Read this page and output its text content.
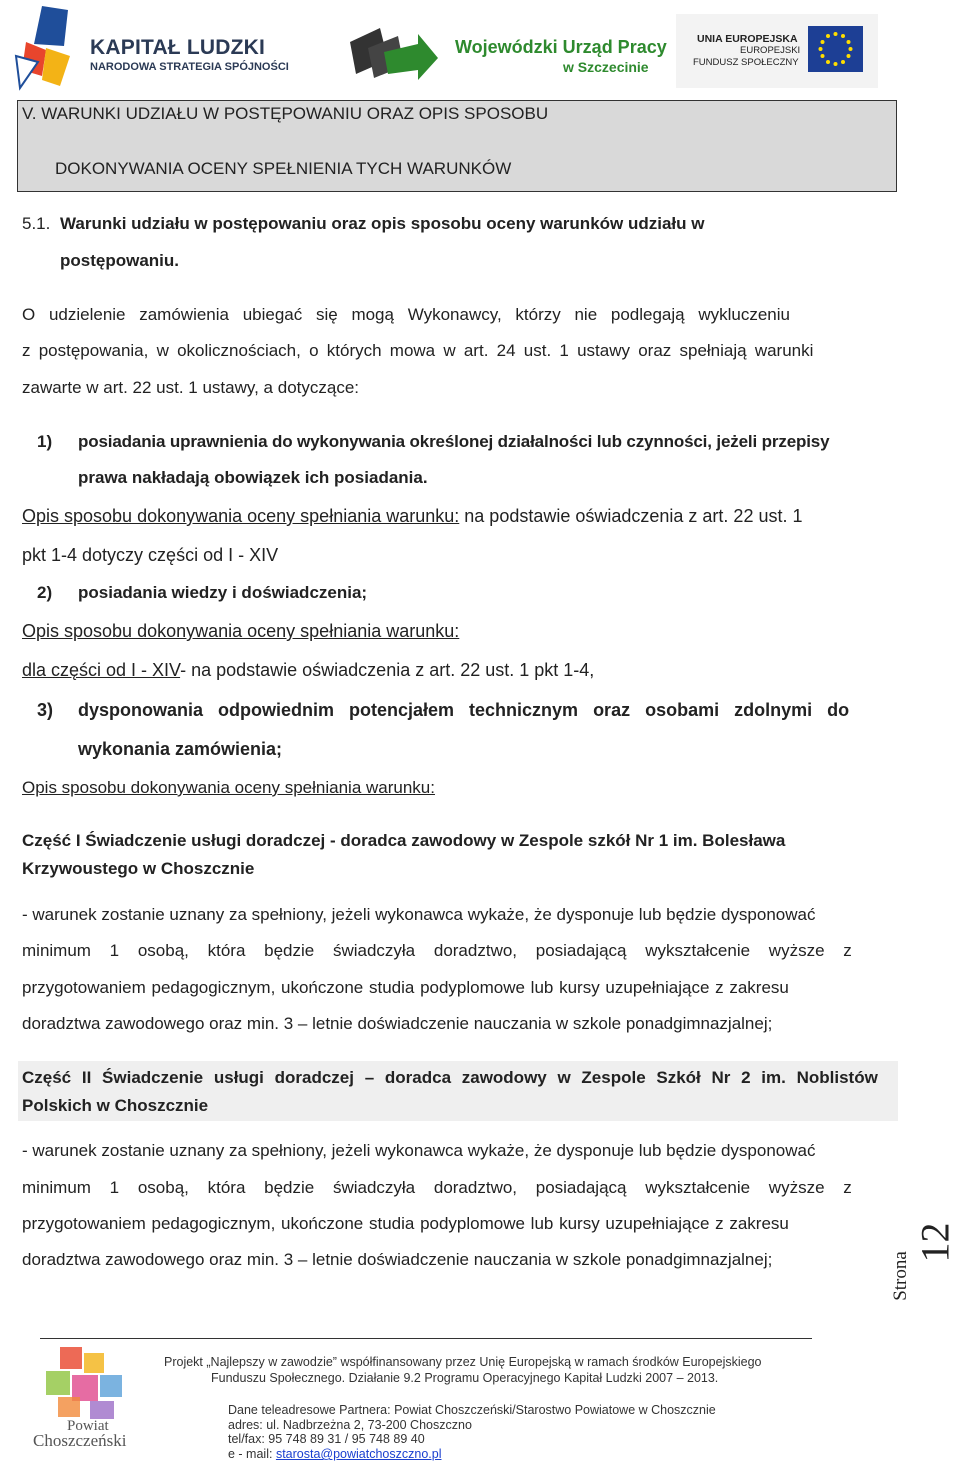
KAPITAŁ LUDZKI
NARODOWA STRATEGIA SPÓJNOŚCI
Wojewódzki Urząd Pracy
w Szczecinie
UNIA EUROPEJSKA
EUROPEJSKI
FUNDUSZ SPOŁECZNY
V. WARUNKI UDZIAŁU W POSTĘPOWANIU ORAZ OPIS SPOSOBU
DOKONYWANIA OCENY SPEŁNIENIA TYCH WARUNKÓW
5.1. Warunki udziału w postępowaniu oraz opis sposobu oceny warunków udziału w
postępowaniu.
O udzielenie zamówienia ubiegać się mogą Wykonawcy, którzy nie podlegają wykluczeniu
z postępowania, w okolicznościach, o których mowa w art. 24 ust. 1 ustawy oraz spełniają warunki
zawarte w art. 22 ust. 1 ustawy, a dotyczące:
1) posiadania uprawnienia do wykonywania określonej działalności lub czynności, jeżeli przepisy
prawa nakładają obowiązek ich posiadania.
Opis sposobu dokonywania oceny spełniania warunku: na podstawie oświadczenia z art. 22 ust. 1
pkt 1-4 dotyczy części od I - XIV
2) posiadania wiedzy i doświadczenia;
Opis sposobu dokonywania oceny spełniania warunku:
dla części od I - XIV- na podstawie oświadczenia z art. 22 ust. 1 pkt 1-4,
3) dysponowania odpowiednim potencjałem technicznym oraz osobami zdolnymi do
wykonania zamówienia;
Opis sposobu dokonywania oceny spełniania warunku:
Część I Świadczenie usługi doradczej - doradca zawodowy w Zespole szkół Nr 1 im. Bolesława
Krzywoustego w Choszcznie
- warunek zostanie uznany za spełniony, jeżeli wykonawca wykaże, że dysponuje lub będzie dysponować
minimum 1 osobą, która będzie świadczyła doradztwo, posiadającą wykształcenie wyższe z
przygotowaniem pedagogicznym, ukończone studia podyplomowe lub kursy uzupełniające z zakresu
doradztwa zawodowego oraz min. 3 – letnie doświadczenie nauczania w szkole ponadgimnazjalnej;
Część II Świadczenie usługi doradczej – doradca zawodowy w Zespole Szkół Nr 2 im. Noblistów
Polskich w Choszcznie
- warunek zostanie uznany za spełniony, jeżeli wykonawca wykaże, że dysponuje lub będzie dysponować
minimum 1 osobą, która będzie świadczyła doradztwo, posiadającą wykształcenie wyższe z
przygotowaniem pedagogicznym, ukończone studia podyplomowe lub kursy uzupełniające z zakresu
doradztwa zawodowego oraz min. 3 – letnie doświadczenie nauczania w szkole ponadgimnazjalnej;	Strona
12
Powiat
Choszczeński
Projekt „Najlepszy w zawodzie” współfinansowany przez Unię Europejską w ramach środków Europejskiego
Funduszu Społecznego. Działanie 9.2 Programu Operacyjnego Kapitał Ludzki 2007 – 2013.
Dane teleadresowe Partnera: Powiat Choszczeński/Starostwo Powiatowe w Choszcznie
adres: ul. Nadbrzeżna 2, 73-200 Choszczno
tel/fax: 95 748 89 31 / 95 748 89 40
e - mail: starosta@powiatchoszczno.pl
